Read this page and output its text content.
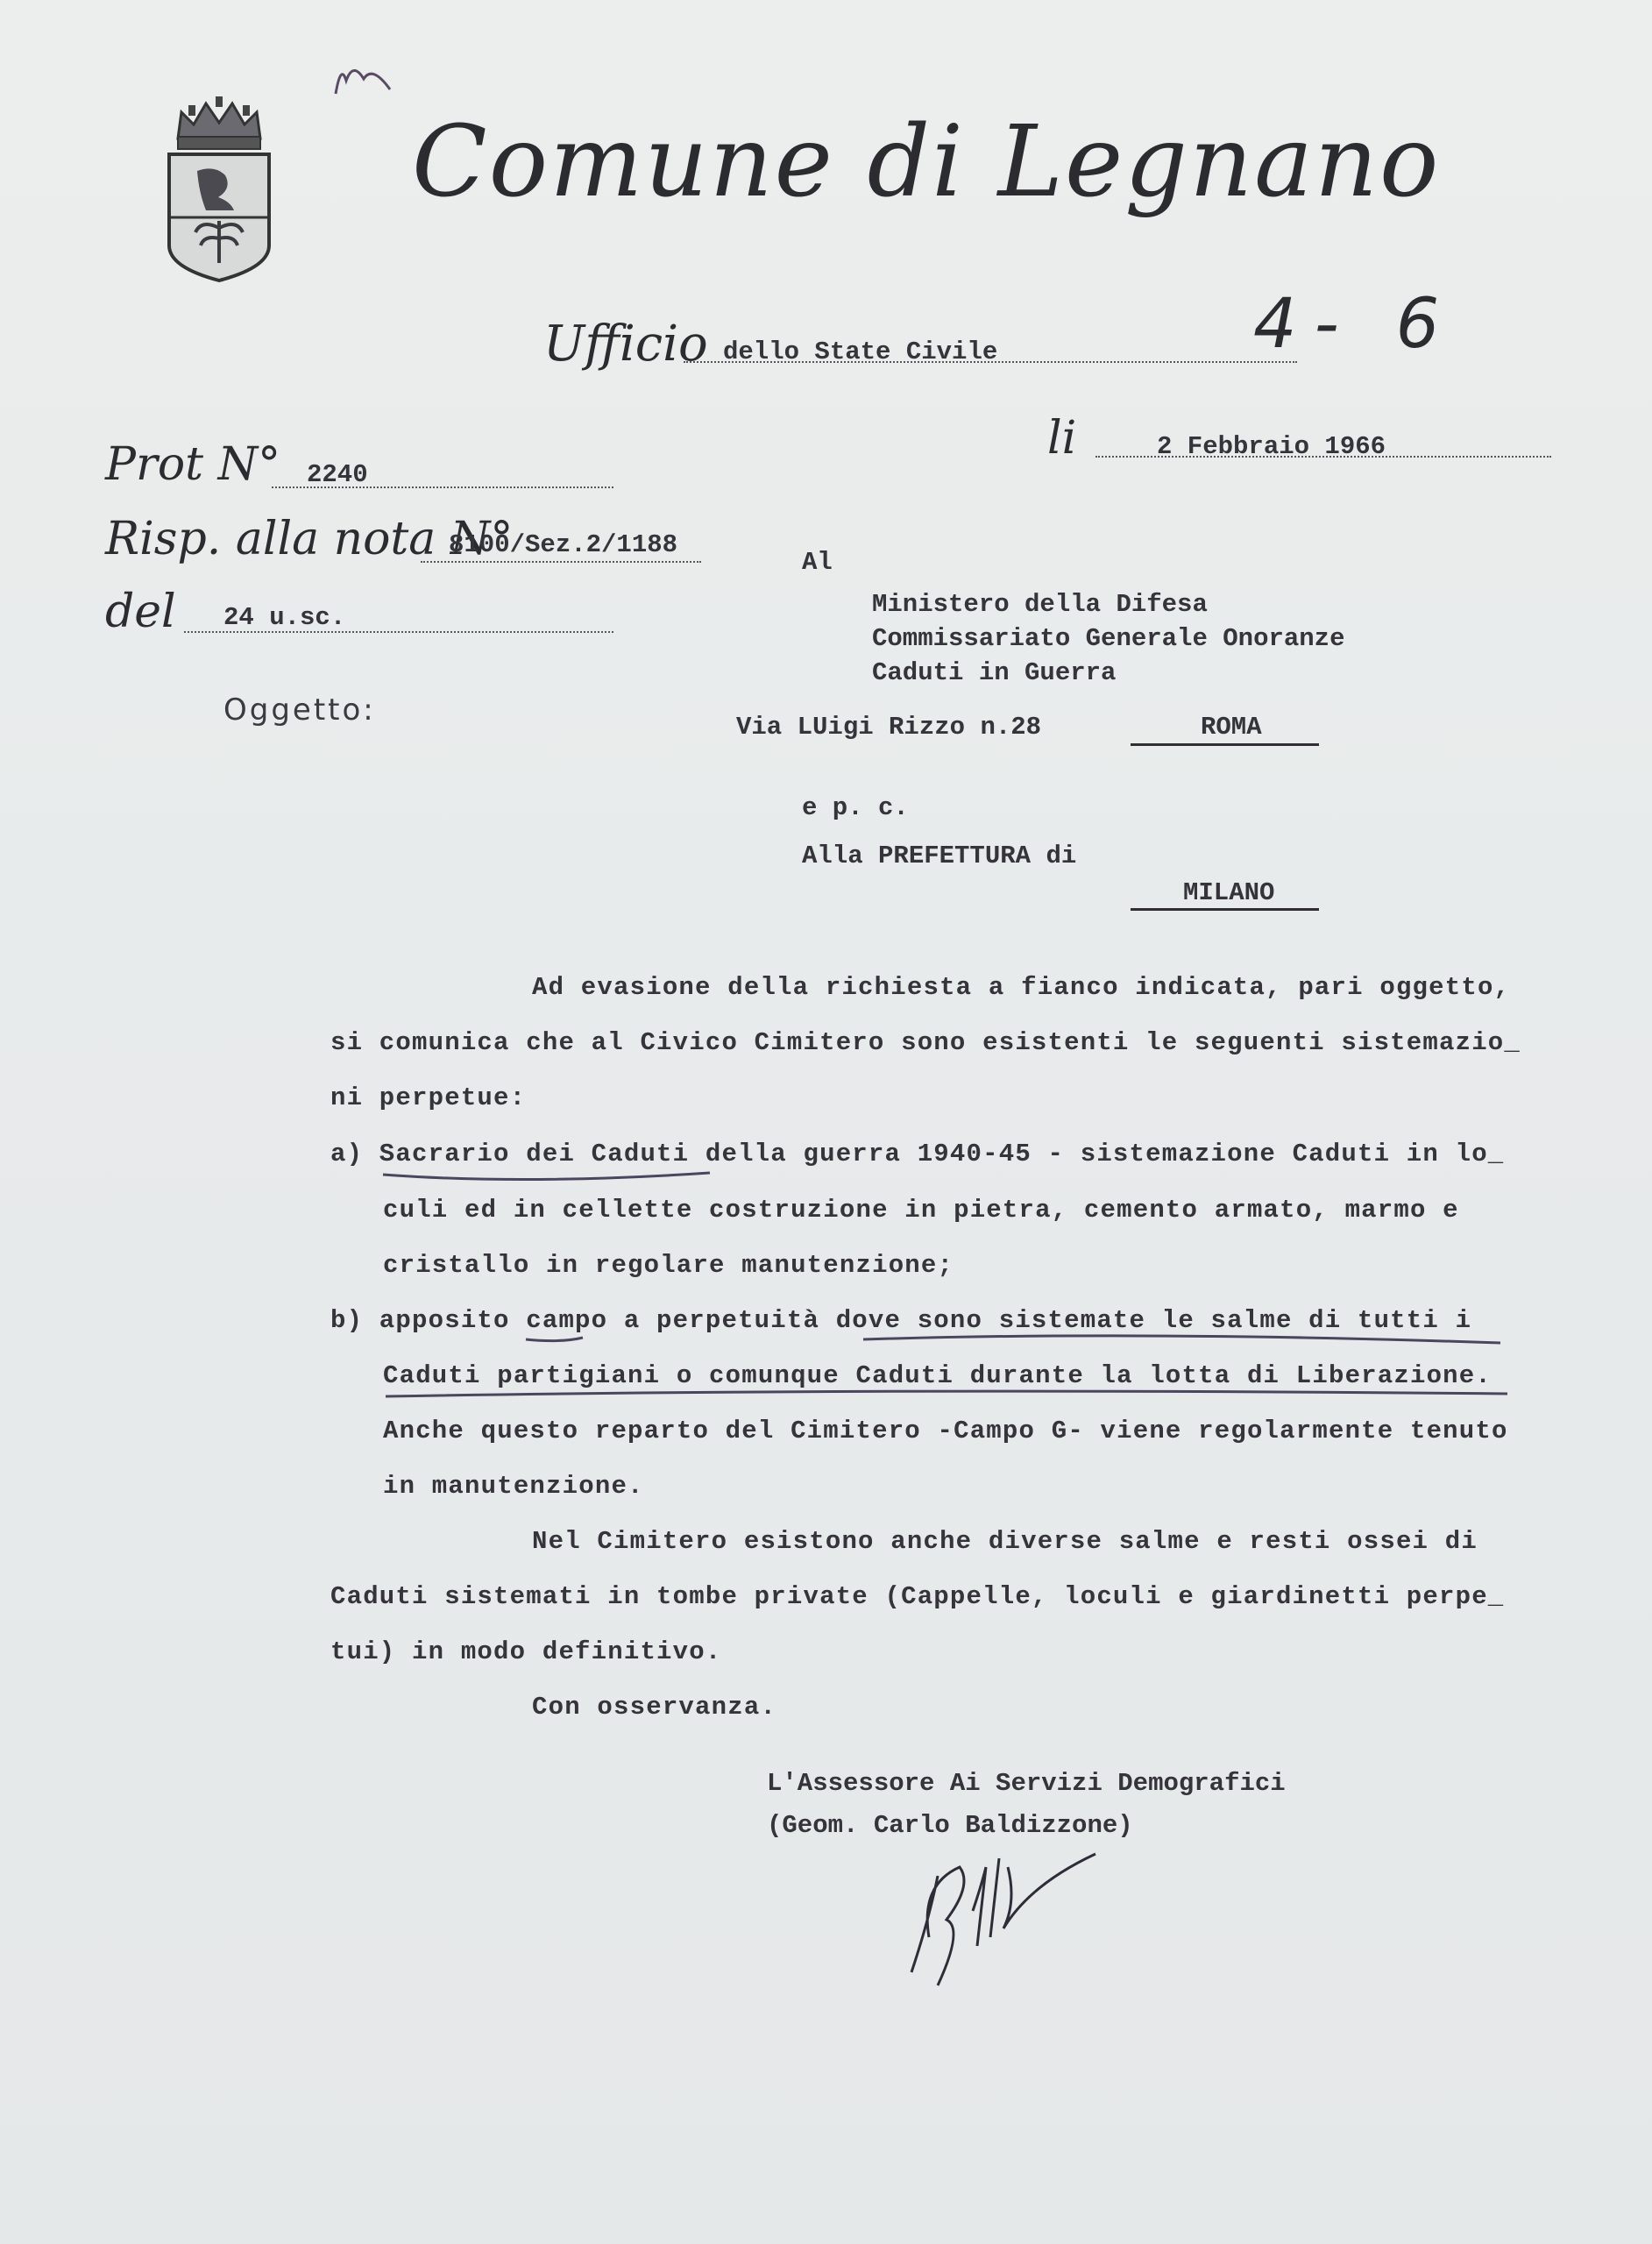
Comune di Legnano
Ufficio dello State Civile	4- 6
li	2 Febbraio 1966
Prot N° 2240
Risp. alla nota N°
8100/Sez.2/1188
del 24 u.sc.
Oggetto:
Al
Ministero della Difesa
Commissariato Generale Onoranze
Caduti in Guerra
Via LUigi Rizzo n.28	ROMA
e p. c.
Alla PREFETTURA di
MILANO
Ad evasione della richiesta a fianco indicata, pari oggetto,
si comunica che al Civico Cimitero sono esistenti le seguenti sistemazio_
ni perpetue:
a) Sacrario dei Caduti della guerra 1940-45 - sistemazione Caduti in lo_
culi ed in cellette costruzione in pietra, cemento armato, marmo e
cristallo in regolare manutenzione;
b) apposito campo a perpetuità dove sono sistemate le salme di tutti i
Caduti partigiani o comunque Caduti durante la lotta di Liberazione.
Anche questo reparto del Cimitero -Campo G- viene regolarmente tenuto
in manutenzione.
Nel Cimitero esistono anche diverse salme e resti ossei di
Caduti sistemati in tombe private (Cappelle, loculi e giardinetti perpe_
tui) in modo definitivo.
Con osservanza.
L'Assessore Ai Servizi Demografici
(Geom. Carlo Baldizzone)
